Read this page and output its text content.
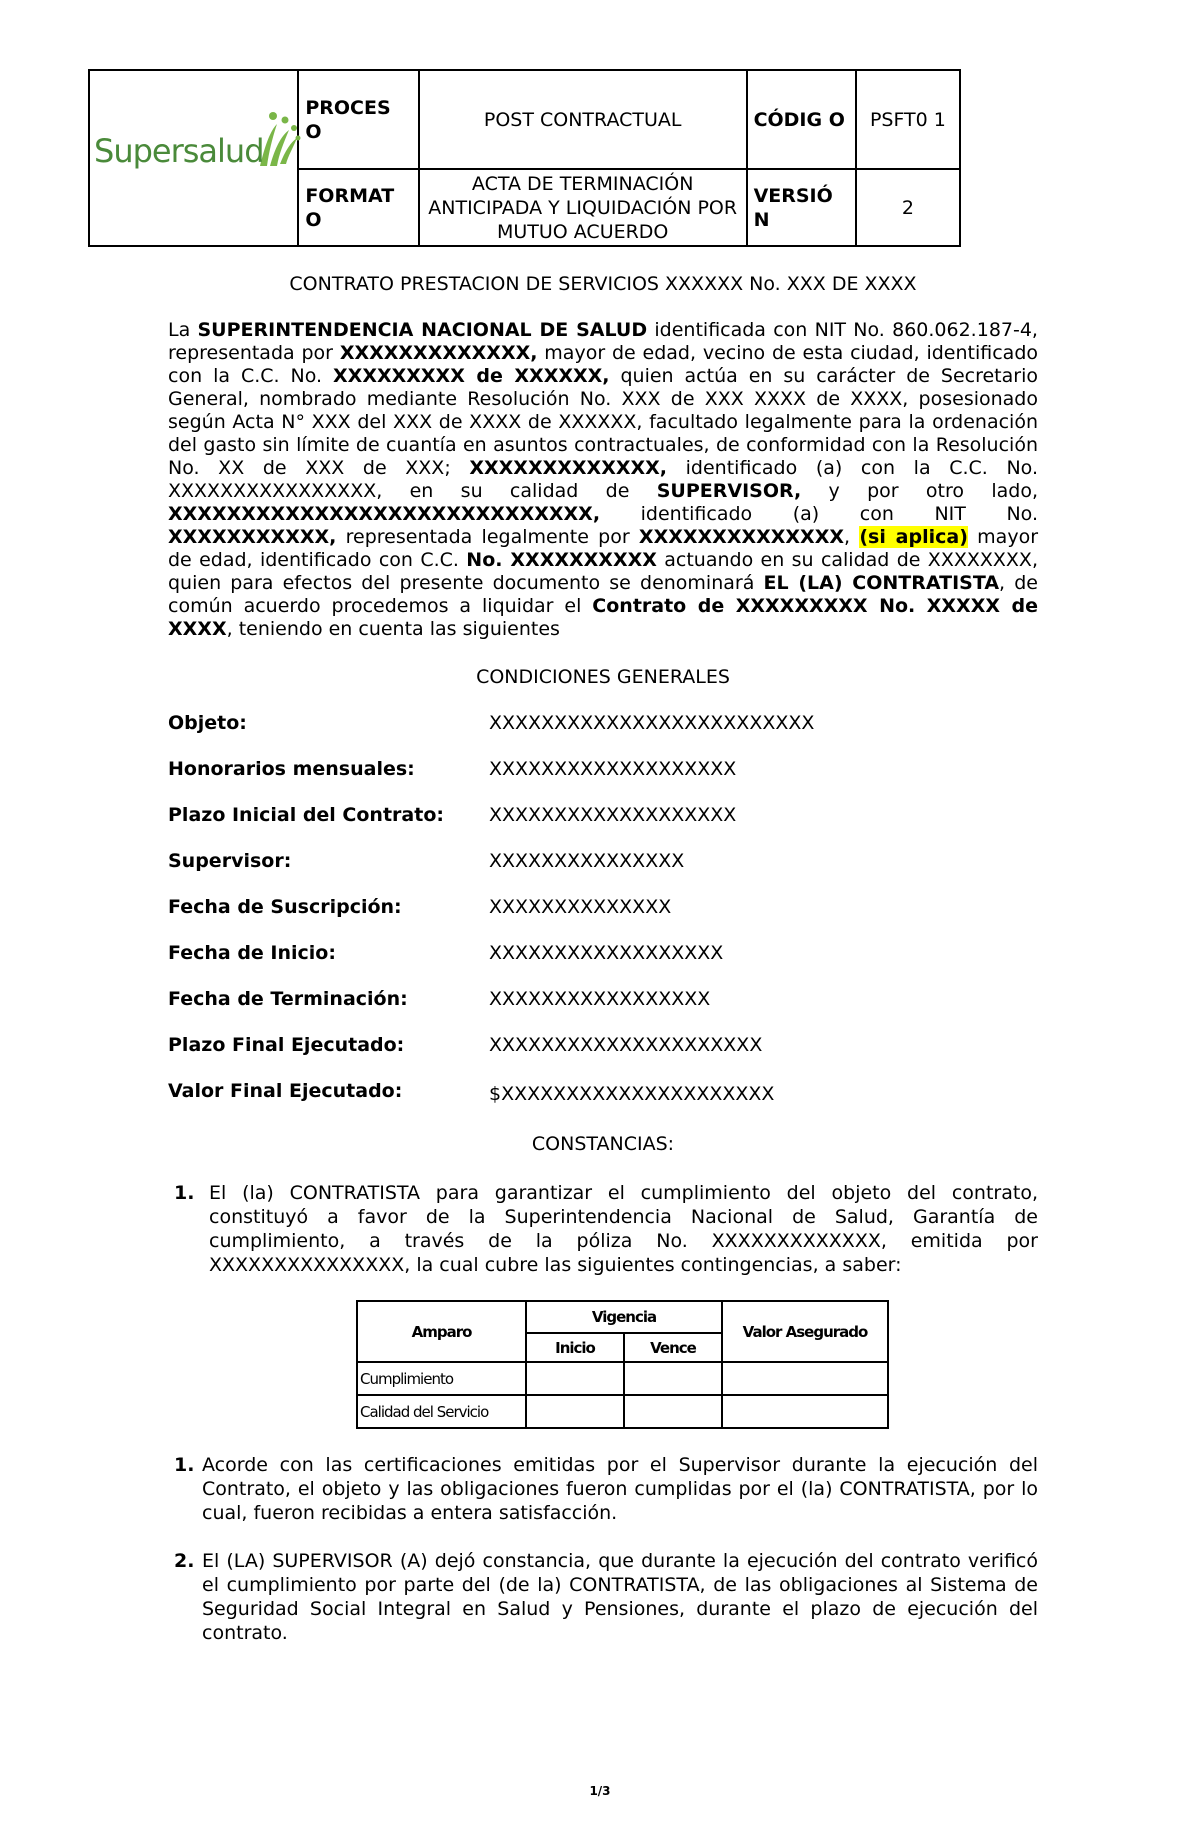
Supersalud	PROCES O	POST CONTRACTUAL	CÓDIG O	PSFT0 1
	FORMAT O	ACTA DE TERMINACIÓN ANTICIPADA Y LIQUIDACIÓN POR MUTUO ACUERDO	VERSIÓ N	2
CONTRATO PRESTACION DE SERVICIOS XXXXXX No. XXX DE XXXX
La SUPERINTENDENCIA NACIONAL DE SALUD identificada con NIT No. 860.062.187-4, representada por XXXXXXXXXXXXX, mayor de edad, vecino de esta ciudad, identificado con la C.C. No. XXXXXXXXX de XXXXXX, quien actúa en su carácter de Secretario General, nombrado mediante Resolución No. XXX de XXX XXXX de XXXX, posesionado según Acta N° XXX del XXX de XXXX de XXXXXX, facultado legalmente para la ordenación del gasto sin límite de cuantía en asuntos contractuales, de conformidad con la Resolución No. XX de XXX de XXX; XXXXXXXXXXXXX, identificado (a) con la C.C. No. XXXXXXXXXXXXXXXX, en su calidad de SUPERVISOR, y por otro lado, XXXXXXXXXXXXXXXXXXXXXXXXXXXXX, identificado (a) con NIT No. XXXXXXXXXXX, representada legalmente por XXXXXXXXXXXXXX, (si aplica) mayor de edad, identificado con C.C. No. XXXXXXXXXX actuando en su calidad de XXXXXXXX, quien para efectos del presente documento se denominará EL (LA) CONTRATISTA, de común acuerdo procedemos a liquidar el Contrato de XXXXXXXXX No. XXXXX de XXXX, teniendo en cuenta las siguientes
CONDICIONES GENERALES
Objeto:	XXXXXXXXXXXXXXXXXXXXXXXXX
Honorarios mensuales:	XXXXXXXXXXXXXXXXXXX
Plazo Inicial del Contrato: XXXXXXXXXXXXXXXXXXX
Supervisor:	XXXXXXXXXXXXXXX
Fecha de Suscripción:	XXXXXXXXXXXXXX
Fecha de Inicio:	XXXXXXXXXXXXXXXXXX
Fecha de Terminación:	XXXXXXXXXXXXXXXXX
Plazo Final Ejecutado:	XXXXXXXXXXXXXXXXXXXXX
Valor Final Ejecutado:	$XXXXXXXXXXXXXXXXXXXXX
CONSTANCIAS:
1. El (la) CONTRATISTA para garantizar el cumplimiento del objeto del contrato, constituyó a favor de la Superintendencia Nacional de Salud, Garantía de cumplimiento, a través de la póliza No. XXXXXXXXXXXXX, emitida por XXXXXXXXXXXXXXX, la cual cubre las siguientes contingencias, a saber:
Amparo	Vigencia		Valor Asegurado
	Inicio	Vence	
Cumplimiento			
Calidad del Servicio			
1. Acorde con las certificaciones emitidas por el Supervisor durante la ejecución del Contrato, el objeto y las obligaciones fueron cumplidas por el (la) CONTRATISTA, por lo cual, fueron recibidas a entera satisfacción.
2. El (LA) SUPERVISOR (A) dejó constancia, que durante la ejecución del contrato verificó el cumplimiento por parte del (de la) CONTRATISTA, de las obligaciones al Sistema de Seguridad Social Integral en Salud y Pensiones, durante el plazo de ejecución del contrato.
1/3
